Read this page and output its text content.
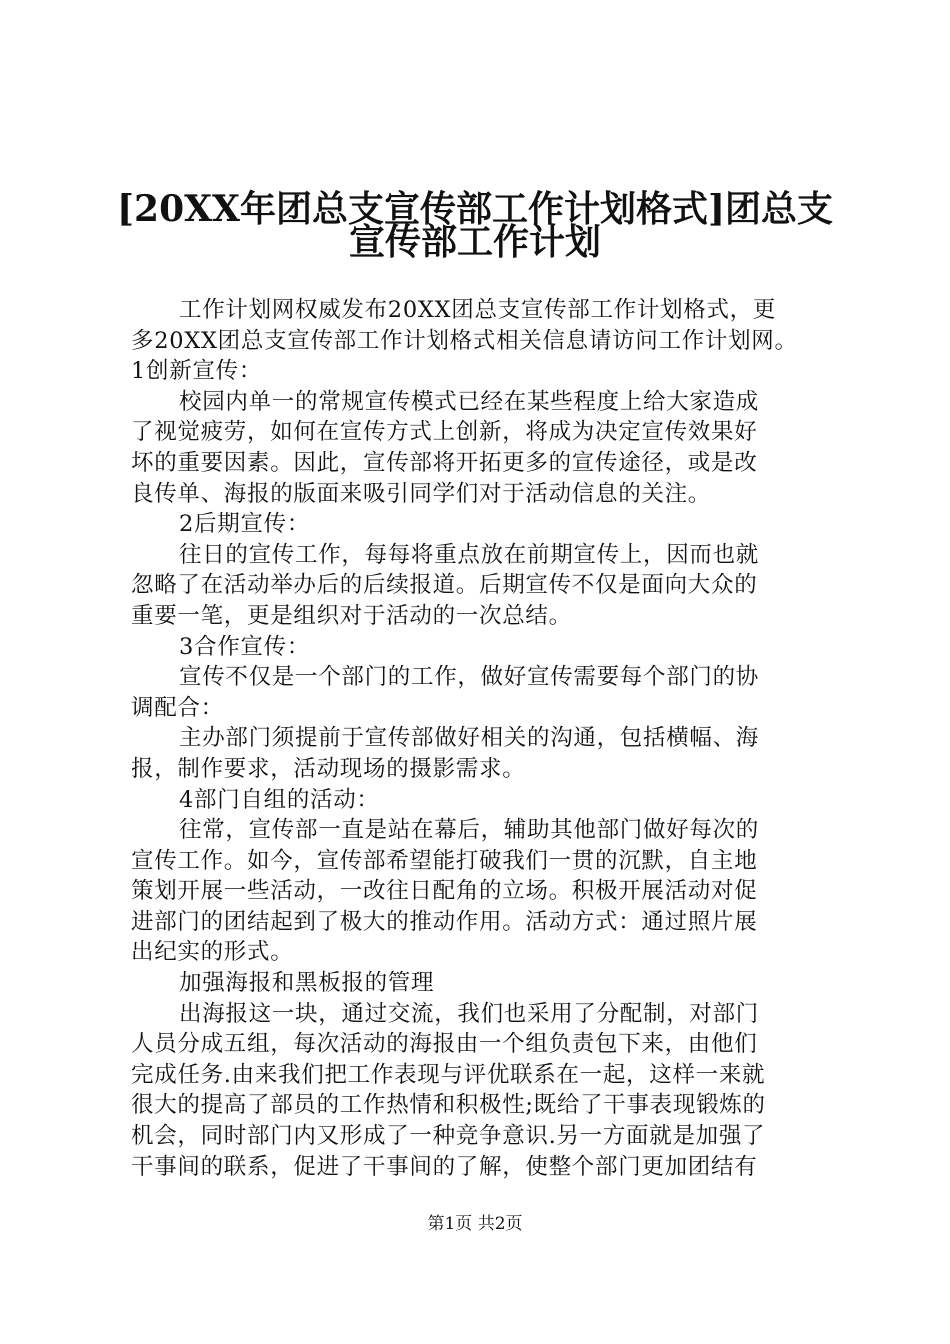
[20XX年团总支宣传部工作计划格式]团总支
宣传部工作计划
工作计划网权威发布20XX团总支宣传部工作计划格式，更
多20XX团总支宣传部工作计划格式相关信息请访问工作计划网。
1创新宣传：
校园内单一的常规宣传模式已经在某些程度上给大家造成
了视觉疲劳，如何在宣传方式上创新，将成为决定宣传效果好
坏的重要因素。因此，宣传部将开拓更多的宣传途径，或是改
良传单、海报的版面来吸引同学们对于活动信息的关注。
2后期宣传：
往日的宣传工作，每每将重点放在前期宣传上，因而也就
忽略了在活动举办后的后续报道。后期宣传不仅是面向大众的
重要一笔，更是组织对于活动的一次总结。
3合作宣传：
宣传不仅是一个部门的工作，做好宣传需要每个部门的协
调配合：
主办部门须提前于宣传部做好相关的沟通，包括横幅、海
报，制作要求，活动现场的摄影需求。
4部门自组的活动：
往常，宣传部一直是站在幕后，辅助其他部门做好每次的
宣传工作。如今，宣传部希望能打破我们一贯的沉默，自主地
策划开展一些活动，一改往日配角的立场。积极开展活动对促
进部门的团结起到了极大的推动作用。活动方式：通过照片展
出纪实的形式。
加强海报和黑板报的管理
出海报这一块，通过交流，我们也采用了分配制，对部门
人员分成五组，每次活动的海报由一个组负责包下来，由他们
完成任务.由来我们把工作表现与评优联系在一起，这样一来就
很大的提高了部员的工作热情和积极性;既给了干事表现锻炼的
机会，同时部门内又形成了一种竞争意识.另一方面就是加强了
干事间的联系，促进了干事间的了解，使整个部门更加团结有
第1页 共2页
